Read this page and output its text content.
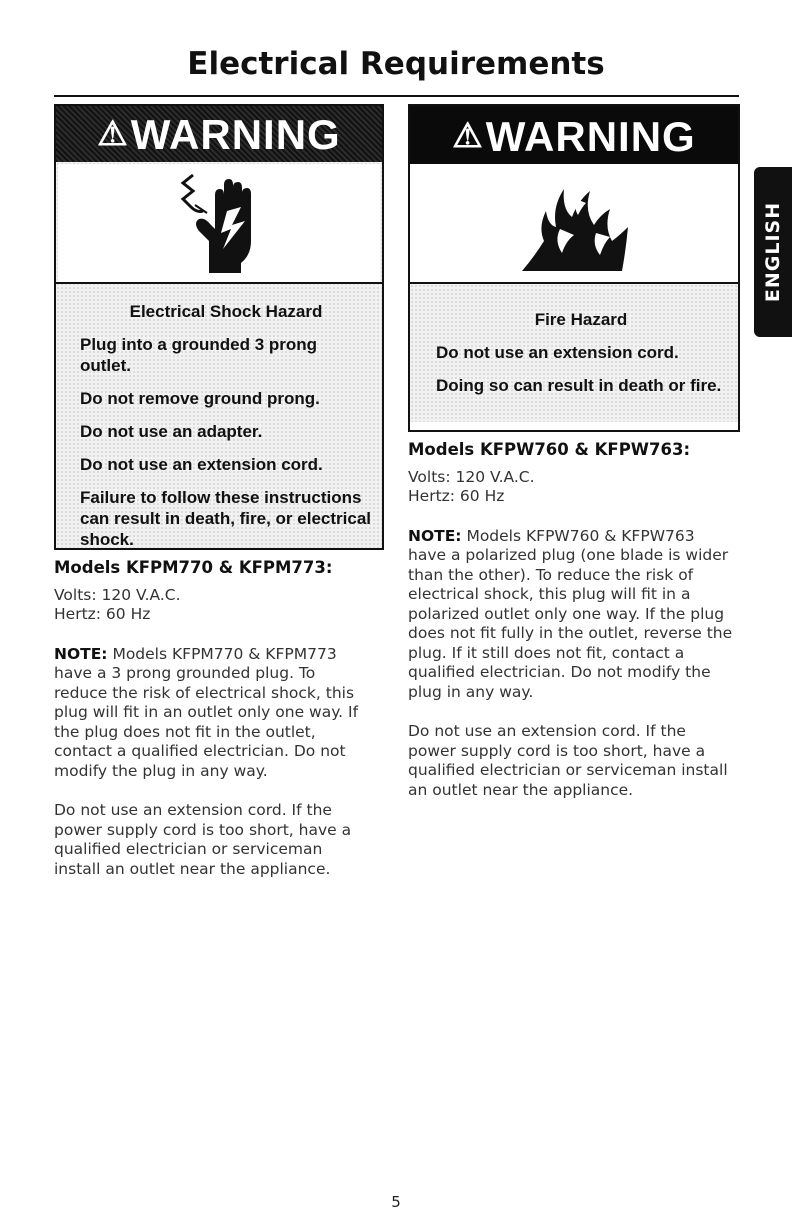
Electrical Requirements
ENGLISH
⚠WARNING

Electrical Shock Hazard

Plug into a grounded 3 prong outlet.

Do not remove ground prong.

Do not use an adapter.

Do not use an extension cord.

Failure to follow these instructions can result in death, fire, or electrical shock.

⚠WARNING

Fire Hazard

Do not use an extension cord.

Doing so can result in death or fire.

Models KFPM770 & KFPM773:

Volts: 120 V.A.C.

Hertz: 60 Hz

NOTE: Models KFPM770 & KFPM773 have a 3 prong grounded plug. To reduce the risk of electrical shock, this plug will fit in an outlet only one way. If the plug does not fit in the outlet, contact a qualified electrician. Do not modify the plug in any way.

Do not use an extension cord. If the power supply cord is too short, have a qualified electrician or serviceman install an outlet near the appliance.

Models KFPW760 & KFPW763:

Volts: 120 V.A.C.

Hertz: 60 Hz

NOTE: Models KFPW760 & KFPW763 have a polarized plug (one blade is wider than the other). To reduce the risk of electrical shock, this plug will fit in a polarized outlet only one way. If the plug does not fit fully in the outlet, reverse the plug. If it still does not fit, contact a qualified electrician. Do not modify the plug in any way.

Do not use an extension cord. If the power supply cord is too short, have a qualified electrician or serviceman install an outlet near the appliance.

5
